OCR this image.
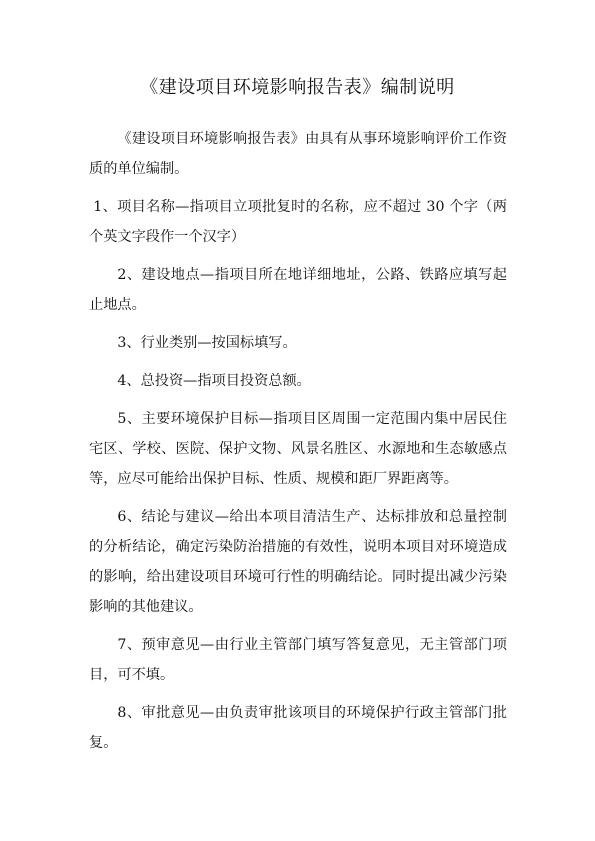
《建设项目环境影响报告表》编制说明

《建设项目环境影响报告表》由具有从事环境影响评价工作资质的单位编制。

1、项目名称—指项目立项批复时的名称，应不超过 30 个字（两个英文字段作一个汉字）

2、建设地点—指项目所在地详细地址，公路、铁路应填写起止地点。

3、行业类别—按国标填写。

4、总投资—指项目投资总额。

5、主要环境保护目标—指项目区周围一定范围内集中居民住宅区、学校、医院、保护文物、风景名胜区、水源地和生态敏感点等，应尽可能给出保护目标、性质、规模和距厂界距离等。

6、结论与建议—给出本项目清洁生产、达标排放和总量控制的分析结论，确定污染防治措施的有效性，说明本项目对环境造成的影响，给出建设项目环境可行性的明确结论。同时提出减少污染影响的其他建议。

7、预审意见—由行业主管部门填写答复意见，无主管部门项目，可不填。

8、审批意见—由负责审批该项目的环境保护行政主管部门批复。
